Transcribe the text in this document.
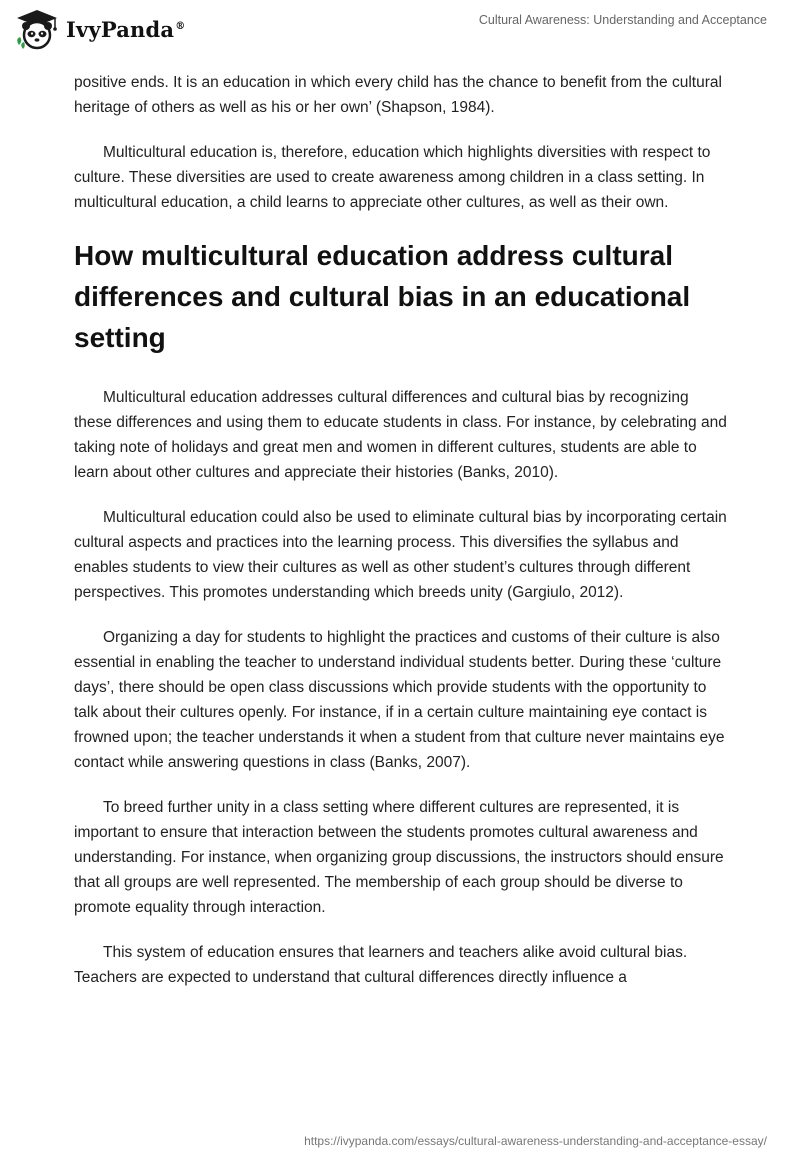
IvyPanda®	Cultural Awareness: Understanding and Acceptance

positive ends. It is an education in which every child has the chance to benefit from the cultural heritage of others as well as his or her own’ (Shapson, 1984).

Multicultural education is, therefore, education which highlights diversities with respect to culture. These diversities are used to create awareness among children in a class setting. In multicultural education, a child learns to appreciate other cultures, as well as their own.

How multicultural education address cultural differences and cultural bias in an educational setting

Multicultural education addresses cultural differences and cultural bias by recognizing these differences and using them to educate students in class. For instance, by celebrating and taking note of holidays and great men and women in different cultures, students are able to learn about other cultures and appreciate their histories (Banks, 2010).

Multicultural education could also be used to eliminate cultural bias by incorporating certain cultural aspects and practices into the learning process. This diversifies the syllabus and enables students to view their cultures as well as other student’s cultures through different perspectives. This promotes understanding which breeds unity (Gargiulo, 2012).

Organizing a day for students to highlight the practices and customs of their culture is also essential in enabling the teacher to understand individual students better. During these ‘culture days’, there should be open class discussions which provide students with the opportunity to talk about their cultures openly. For instance, if in a certain culture maintaining eye contact is frowned upon; the teacher understands it when a student from that culture never maintains eye contact while answering questions in class (Banks, 2007).

To breed further unity in a class setting where different cultures are represented, it is important to ensure that interaction between the students promotes cultural awareness and understanding. For instance, when organizing group discussions, the instructors should ensure that all groups are well represented. The membership of each group should be diverse to promote equality through interaction.

This system of education ensures that learners and teachers alike avoid cultural bias. Teachers are expected to understand that cultural differences directly influence a

https://ivypanda.com/essays/cultural-awareness-understanding-and-acceptance-essay/
